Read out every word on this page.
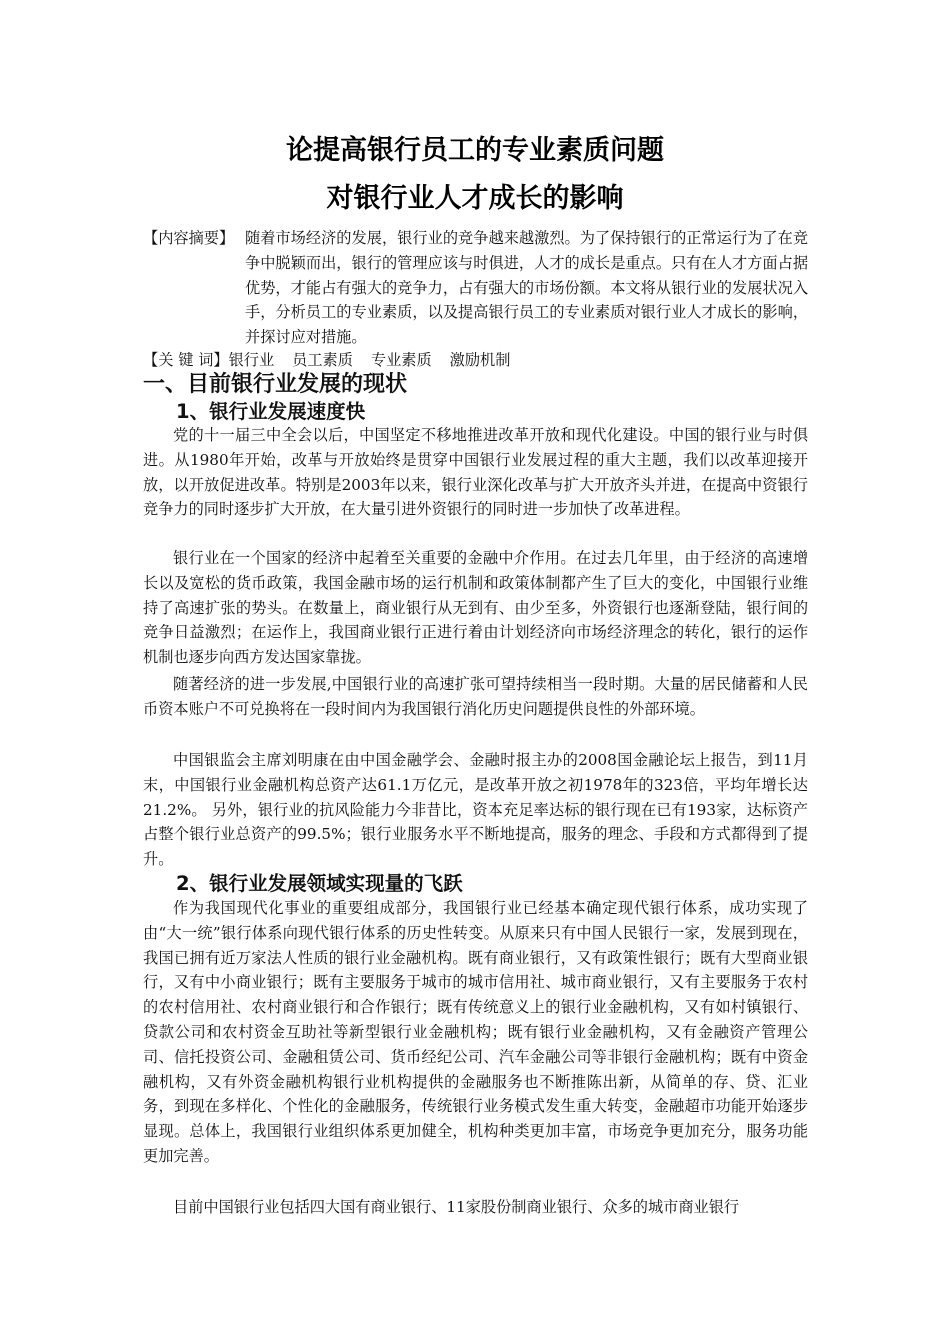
论提高银行员工的专业素质问题
对银行业人才成长的影响
【内容摘要】 随着市场经济的发展，银行业的竞争越来越激烈。为了保持银行的正常运行为了在竞争中脱颖而出，银行的管理应该与时俱进，人才的成长是重点。只有在人才方面占据优势，才能占有强大的竞争力，占有强大的市场份额。本文将从银行业的发展状况入手，分析员工的专业素质，以及提高银行员工的专业素质对银行业人才成长的影响，并探讨应对措施。
【关 键 词】银行业 员工素质 专业素质 激励机制
一、目前银行业发展的现状
1、银行业发展速度快

党的十一届三中全会以后，中国坚定不移地推进改革开放和现代化建设。中国的银行业与时俱进。从1980年开始，改革与开放始终是贯穿中国银行业发展过程的重大主题，我们以改革迎接开放，以开放促进改革。特别是2003年以来，银行业深化改革与扩大开放齐头并进，在提高中资银行竞争力的同时逐步扩大开放，在大量引进外资银行的同时进一步加快了改革进程。

银行业在一个国家的经济中起着至关重要的金融中介作用。在过去几年里，由于经济的高速增长以及宽松的货币政策，我国金融市场的运行机制和政策体制都产生了巨大的变化，中国银行业维持了高速扩张的势头。在数量上，商业银行从无到有、由少至多，外资银行也逐渐登陆，银行间的竞争日益激烈；在运作上，我国商业银行正进行着由计划经济向市场经济理念的转化，银行的运作机制也逐步向西方发达国家靠拢。

随著经济的进一步发展,中国银行业的高速扩张可望持续相当一段时期。大量的居民储蓄和人民币资本账户不可兑换将在一段时间内为我国银行消化历史问题提供良性的外部环境。

中国银监会主席刘明康在由中国金融学会、金融时报主办的2008国金融论坛上报告，到11月末，中国银行业金融机构总资产达61.1万亿元，是改革开放之初1978年的323倍，平均年增长达21.2%。 另外，银行业的抗风险能力今非昔比，资本充足率达标的银行现在已有193家，达标资产占整个银行业总资产的99.5%；银行业服务水平不断地提高，服务的理念、手段和方式都得到了提升。

2、银行业发展领域实现量的飞跃

作为我国现代化事业的重要组成部分，我国银行业已经基本确定现代银行体系，成功实现了由“大一统”银行体系向现代银行体系的历史性转变。从原来只有中国人民银行一家，发展到现在，我国已拥有近万家法人性质的银行业金融机构。既有商业银行，又有政策性银行；既有大型商业银行，又有中小商业银行；既有主要服务于城市的城市信用社、城市商业银行，又有主要服务于农村的农村信用社、农村商业银行和合作银行；既有传统意义上的银行业金融机构，又有如村镇银行、贷款公司和农村资金互助社等新型银行业金融机构；既有银行业金融机构，又有金融资产管理公司、信托投资公司、金融租赁公司、货币经纪公司、汽车金融公司等非银行金融机构；既有中资金融机构，又有外资金融机构银行业机构提供的金融服务也不断推陈出新，从简单的存、贷、汇业务，到现在多样化、个性化的金融服务，传统银行业务模式发生重大转变，金融超市功能开始逐步显现。总体上，我国银行业组织体系更加健全，机构种类更加丰富，市场竞争更加充分，服务功能更加完善。

目前中国银行业包括四大国有商业银行、11家股份制商业银行、众多的城市商业银行
